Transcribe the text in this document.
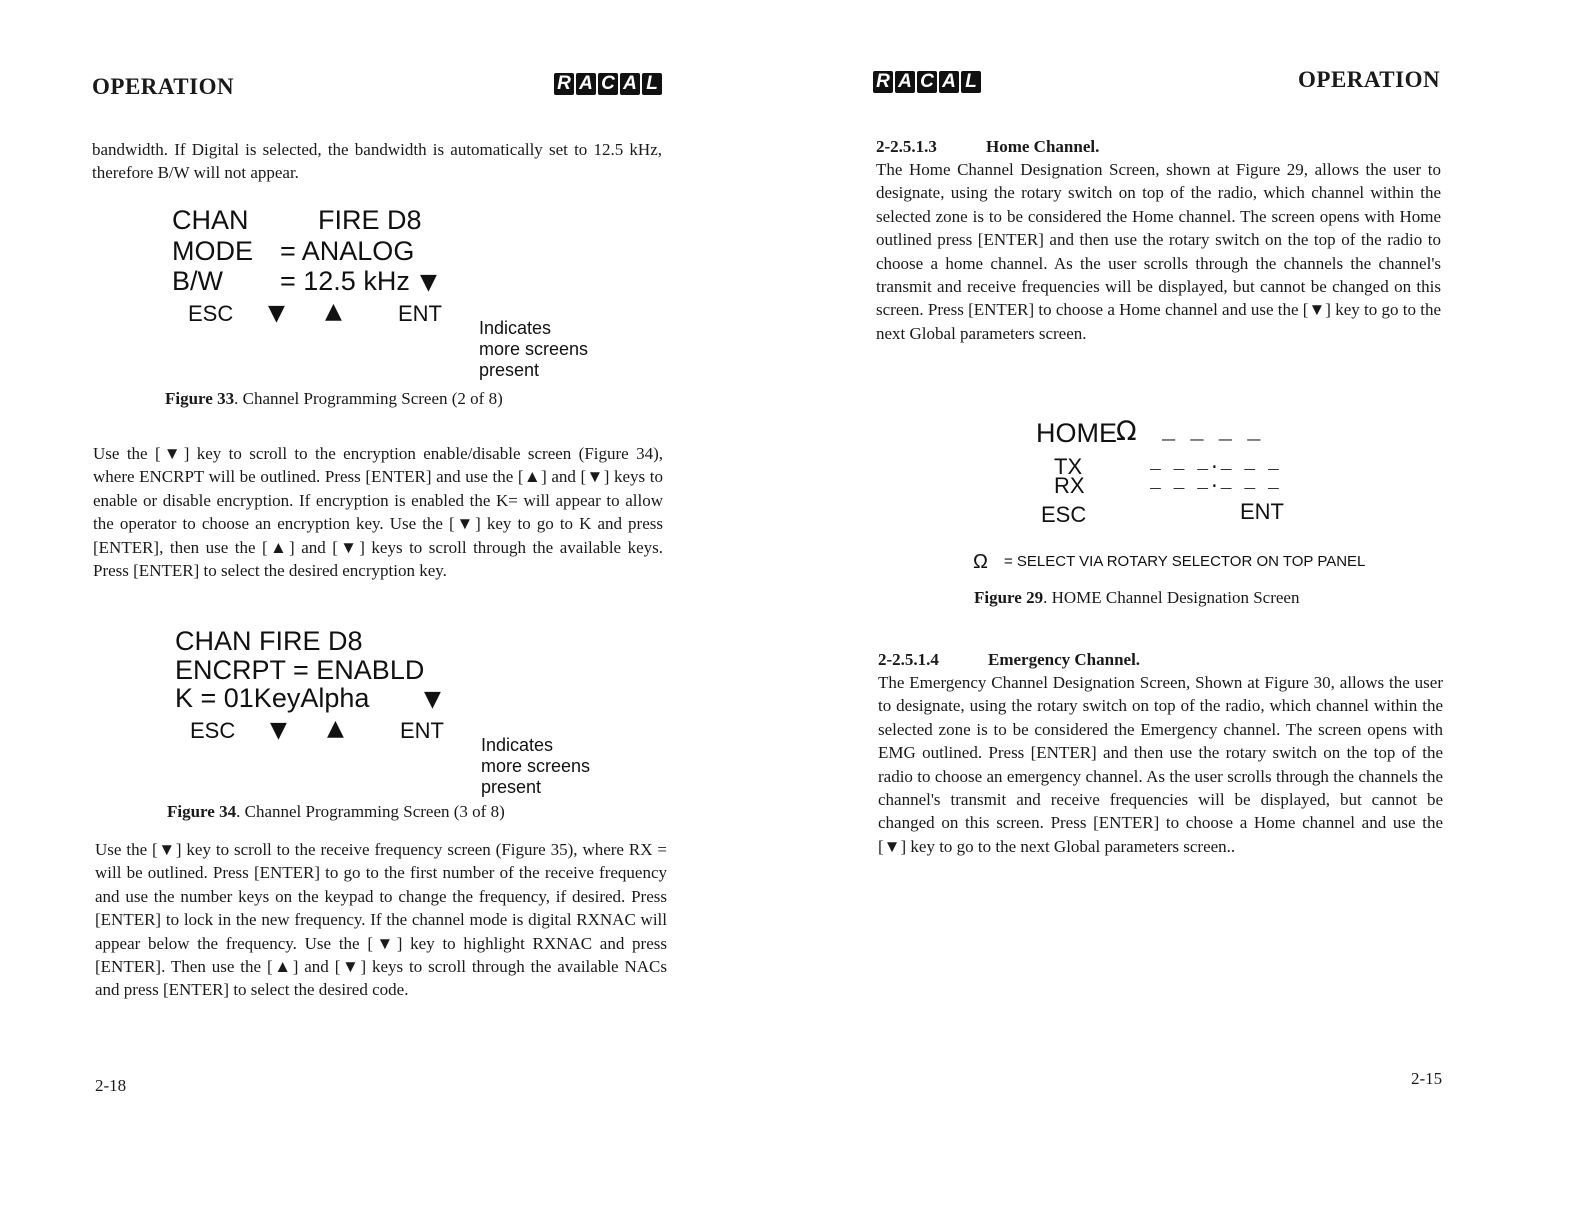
OPERATION	R A C A L
bandwidth. If Digital is selected, the bandwidth is automatically set to 12.5 kHz, therefore B/W will not appear.
CHAN	FIRE D8
MODE = ANALOG
B/W = 12.5 kHz ▼
ESC ▼ ▲	ENT
Indicates
more screens
present
Figure 33. Channel Programming Screen (2 of 8)
Use the [▼] key to scroll to the encryption enable/disable screen (Figure 34), where ENCRPT will be outlined. Press [ENTER] and use the [▲] and [▼] keys to enable or disable encryption. If encryption is enabled the K= will appear to allow the operator to choose an encryption key. Use the [▼] key to go to K and press [ENTER], then use the [▲] and [▼] keys to scroll through the available keys. Press [ENTER] to select the desired encryption key.
CHAN FIRE D8
ENCRPT = ENABLD
K = 01KeyAlpha ▼
ESC ▼ ▲	ENT
Indicates
more screens
present
Figure 34. Channel Programming Screen (3 of 8)
Use the [▼] key to scroll to the receive frequency screen (Figure 35), where RX = will be outlined. Press [ENTER] to go to the first number of the receive frequency and use the number keys on the keypad to change the frequency, if desired. Press [ENTER] to lock in the new frequency. If the channel mode is digital RXNAC will appear below the frequency. Use the [▼] key to highlight RXNAC and press [ENTER]. Then use the [▲] and [▼] keys to scroll through the available NACs and press [ENTER] to select the desired code.
2-18
R A C A L	OPERATION
2-2.5.1.3	Home Channel.
The Home Channel Designation Screen, shown at Figure 29, allows the user to designate, using the rotary switch on top of the radio, which channel within the selected zone is to be considered the Home channel. The screen opens with Home outlined press [ENTER] and then use the rotary switch on the top of the radio to choose a home channel. As the user scrolls through the channels the channel's transmit and receive frequencies will be displayed, but cannot be changed on this screen. Press [ENTER] to choose a Home channel and use the [▼] key to go to the next Global parameters screen.
HOME Ω _ _ _ _
TX	_ _ _._ _ _
RX	_ _ _._ _ _
ESC	ENT
Ω = SELECT VIA ROTARY SELECTOR ON TOP PANEL
Figure 29. HOME Channel Designation Screen
2-2.5.1.4	Emergency Channel.
The Emergency Channel Designation Screen, Shown at Figure 30, allows the user to designate, using the rotary switch on top of the radio, which channel within the selected zone is to be considered the Emergency channel. The screen opens with EMG outlined. Press [ENTER] and then use the rotary switch on the top of the radio to choose an emergency channel. As the user scrolls through the channels the channel's transmit and receive frequencies will be displayed, but cannot be changed on this screen. Press [ENTER] to choose a Home channel and use the [▼] key to go to the next Global parameters screen..
2-15
